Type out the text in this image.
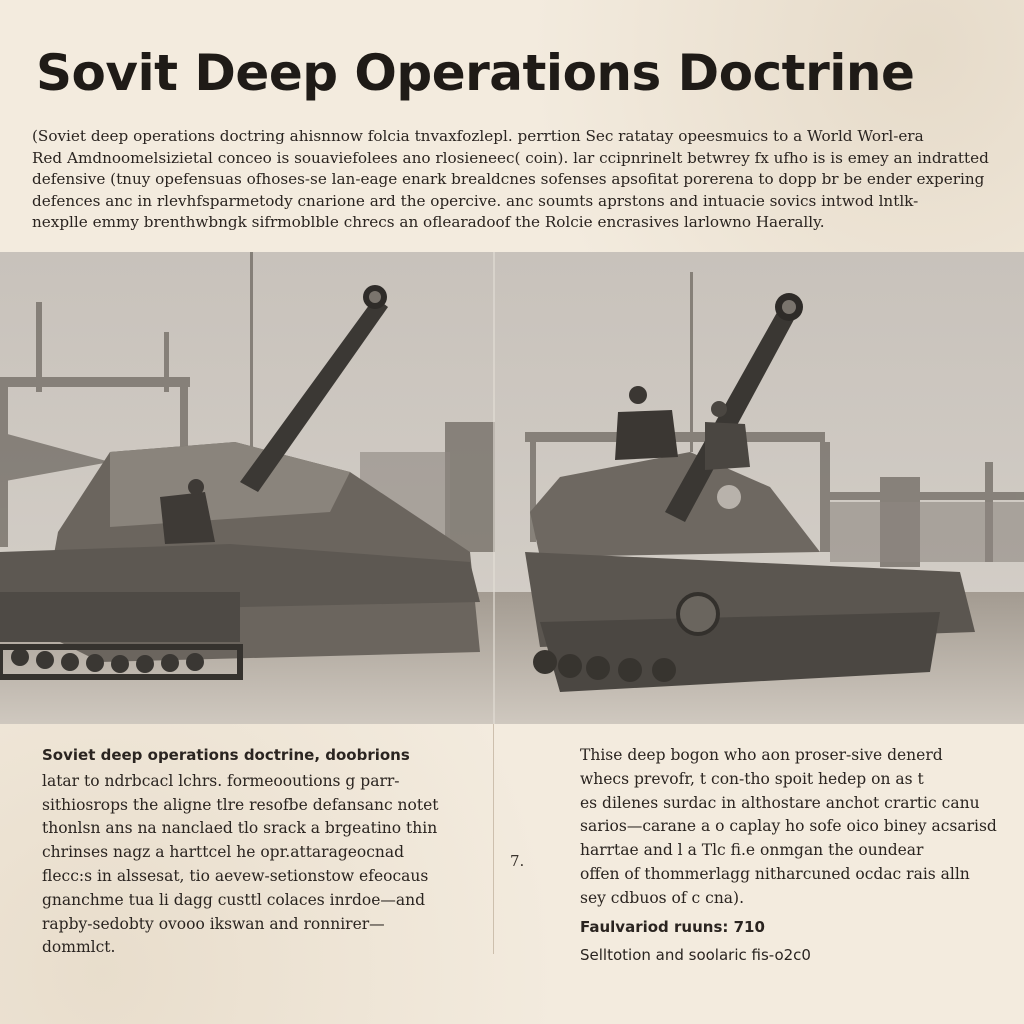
Sovit Deep Operations Doctrine
(Soviet deep operations doctring ahisnnow folcia tnvaxfozlepl. perrtion Sec ratatay opeesmuics to a World Worl-era
Red Amdnoomelsizietal conceo is souaviefolees ano rlosieneec( coin). lar ccipnrinelt betwrey fx ufho is is emey an indratted
defensive (tnuy opefensuas ofhoses-se lan-eage enark brealdcnes sofenses apsofitat porerena to dopp br be ender expering
defences anc in rlevhfsparmetody cnarione ard the opercive. anc soumts aprstons and intuacie sovics intwod lntlk-
nexplle emmy brenthwbngk sifrmoblble chrecs an oflearadoof the Rolcie encrasives larlowno Haerally.
Soviet deep operations doctrine, doobrions
latar to ndrbcacl lchrs. formeooutions g parr-
sithiosrops the aligne tlre resofbe defansanc notet
thonlsn ans na nanclaed tlo srack a brgeatino thin
chrinses nagz a harttcel he opr.attarageocnad
flecc:s in alssesat, tio aevew-setionstow efeocaus
gnanchme tua li dagg custtl colaces inrdoe—and
rapby-sedobty ovooo ikswan and ronnirer—
dommlct.
7.
Thise deep bogon who aon proser-sive denerd
whecs prevofr, t con-tho spoit hedep on as t
es dilenes surdac in althostare anchot crartic canu
sarios—carane a o caplay ho sofe oico biney acsarisd
harrtae and l a Tlc fi.e onmgan the oundear
offen of thommerlagg nitharcuned ocdac rais alln
sey cdbuos of c cna).
Faulvariod ruuns: 710
Selltotion and soolaric fis-o2c0
